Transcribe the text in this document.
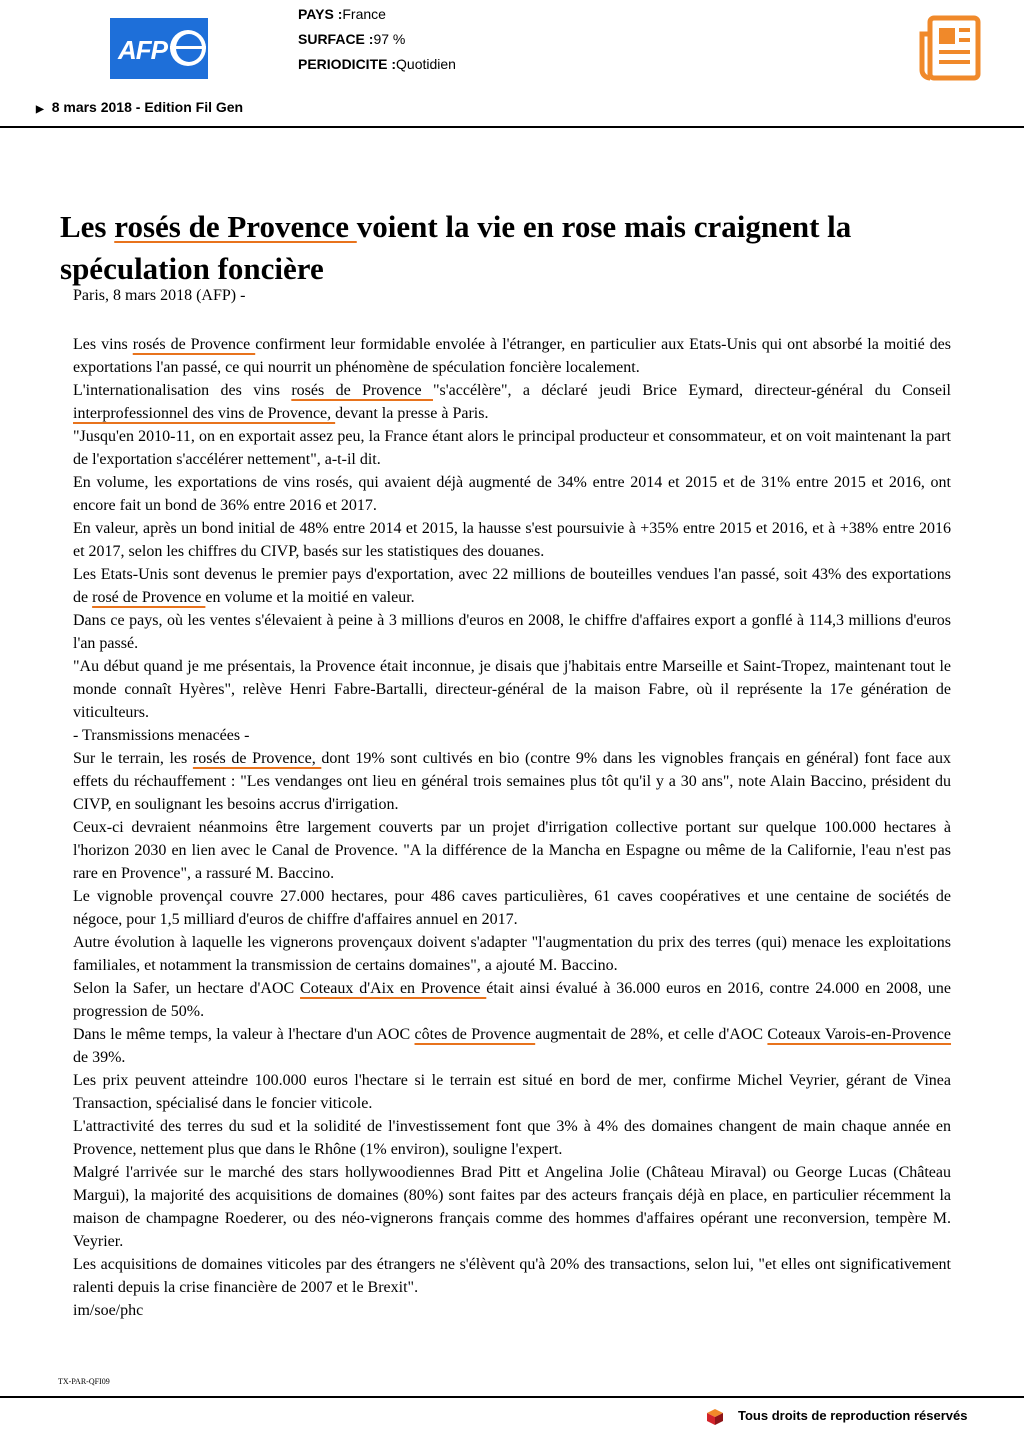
AFP
PAYS :France
SURFACE :97 %
PERIODICITE :Quotidien
▶ 8 mars 2018 - Edition Fil Gen
Les rosés de Provence voient la vie en rose mais craignent la spéculation foncière
Paris, 8 mars 2018 (AFP) -

Les vins rosés de Provence confirment leur formidable envolée à l'étranger, en particulier aux Etats-Unis qui ont absorbé la moitié des exportations l'an passé, ce qui nourrit un phénomène de spéculation foncière localement.

L'internationalisation des vins rosés de Provence "s'accélère", a déclaré jeudi Brice Eymard, directeur-général du Conseil interprofessionnel des vins de Provence, devant la presse à Paris.

"Jusqu'en 2010-11, on en exportait assez peu, la France étant alors le principal producteur et consommateur, et on voit maintenant la part de l'exportation s'accélérer nettement", a-t-il dit.

En volume, les exportations de vins rosés, qui avaient déjà augmenté de 34% entre 2014 et 2015 et de 31% entre 2015 et 2016, ont encore fait un bond de 36% entre 2016 et 2017.

En valeur, après un bond initial de 48% entre 2014 et 2015, la hausse s'est poursuivie à +35% entre 2015 et 2016, et à +38% entre 2016 et 2017, selon les chiffres du CIVP, basés sur les statistiques des douanes.

Les Etats-Unis sont devenus le premier pays d'exportation, avec 22 millions de bouteilles vendues l'an passé, soit 43% des exportations de rosé de Provence en volume et la moitié en valeur.

Dans ce pays, où les ventes s'élevaient à peine à 3 millions d'euros en 2008, le chiffre d'affaires export a gonflé à 114,3 millions d'euros l'an passé.

"Au début quand je me présentais, la Provence était inconnue, je disais que j'habitais entre Marseille et Saint-Tropez, maintenant tout le monde connaît Hyères", relève Henri Fabre-Bartalli, directeur-général de la maison Fabre, où il représente la 17e génération de viticulteurs.

- Transmissions menacées -

Sur le terrain, les rosés de Provence, dont 19% sont cultivés en bio (contre 9% dans les vignobles français en général) font face aux effets du réchauffement : "Les vendanges ont lieu en général trois semaines plus tôt qu'il y a 30 ans", note Alain Baccino, président du CIVP, en soulignant les besoins accrus d'irrigation.

Ceux-ci devraient néanmoins être largement couverts par un projet d'irrigation collective portant sur quelque 100.000 hectares à l'horizon 2030 en lien avec le Canal de Provence. "A la différence de la Mancha en Espagne ou même de la Californie, l'eau n'est pas rare en Provence", a rassuré M. Baccino.

Le vignoble provençal couvre 27.000 hectares, pour 486 caves particulières, 61 caves coopératives et une centaine de sociétés de négoce, pour 1,5 milliard d'euros de chiffre d'affaires annuel en 2017.

Autre évolution à laquelle les vignerons provençaux doivent s'adapter "l'augmentation du prix des terres (qui) menace les exploitations familiales, et notamment la transmission de certains domaines", a ajouté M. Baccino.

Selon la Safer, un hectare d'AOC Coteaux d'Aix en Provence était ainsi évalué à 36.000 euros en 2016, contre 24.000 en 2008, une progression de 50%.

Dans le même temps, la valeur à l'hectare d'un AOC côtes de Provence augmentait de 28%, et celle d'AOC Coteaux Varois-en-Provence de 39%.

Les prix peuvent atteindre 100.000 euros l'hectare si le terrain est situé en bord de mer, confirme Michel Veyrier, gérant de Vinea Transaction, spécialisé dans le foncier viticole.

L'attractivité des terres du sud et la solidité de l'investissement font que 3% à 4% des domaines changent de main chaque année en Provence, nettement plus que dans le Rhône (1% environ), souligne l'expert.

Malgré l'arrivée sur le marché des stars hollywoodiennes Brad Pitt et Angelina Jolie (Château Miraval) ou George Lucas (Château Margui), la majorité des acquisitions de domaines (80%) sont faites par des acteurs français déjà en place, en particulier récemment la maison de champagne Roederer, ou des néo-vignerons français comme des hommes d'affaires opérant une reconversion, tempère M. Veyrier.

Les acquisitions de domaines viticoles par des étrangers ne s'élèvent qu'à 20% des transactions, selon lui, "et elles ont significativement ralenti depuis la crise financière de 2007 et le Brexit".

im/soe/phc

TX-PAR-QFI09
Tous droits de reproduction réservés
